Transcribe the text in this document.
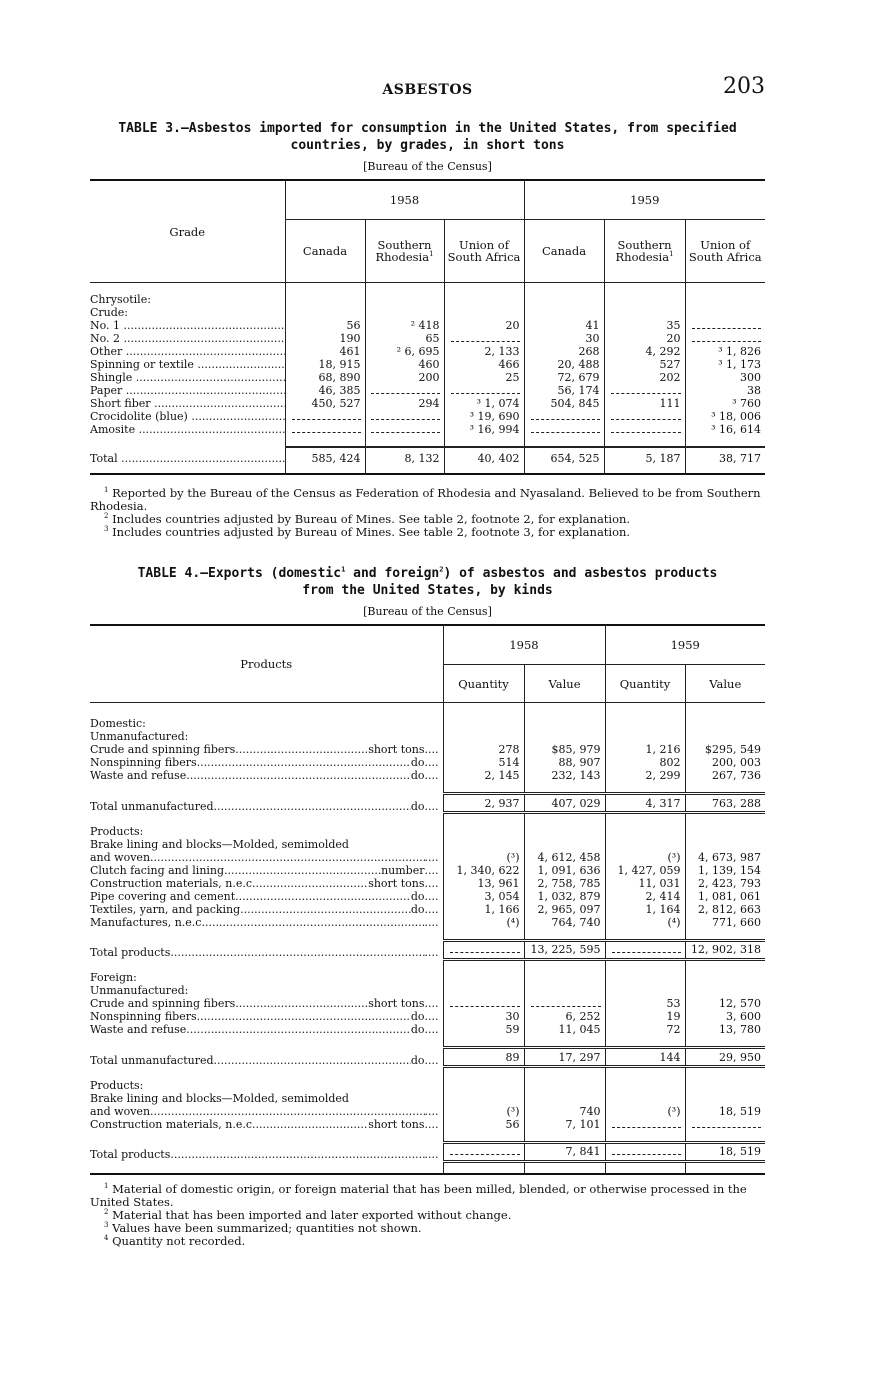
ASBESTOS	203
TABLE 3.—Asbestos imported for consumption in the United States, from specified
countries, by grades, in short tons
[Bureau of the Census]
Grade	1958			1959		
	Canada	Southern Rhodesia$^1$	Union of South Africa	Canada	Southern Rhodesia$^1$	Union of South Africa

Chrysotile:						
Crude:						
No. 1 .....	56	² 418	20	41	35	
No. 2 .....	190	65		30	20	
Other .....	461	² 6, 695	2, 133	268	4, 292	³ 1, 826
Spinning or textile .....	18, 915	460	466	20, 488	527	³ 1, 173
Shingle .....	68, 890	200	25	72, 679	202	300
Paper .....	46, 385			56, 174		38
Short fiber .....	450, 527	294	³ 1, 074	504, 845	111	³ 760
Crocidolite (blue) .....			³ 19, 690			³ 18, 006
Amosite .....			³ 16, 994			³ 16, 614

Total .....	585, 424	8, 132	40, 402	654, 525	5, 187	38, 717

$^1$ Reported by the Bureau of the Census as Federation of Rhodesia and Nyasaland. Believed to be from Southern Rhodesia.

$^2$ Includes countries adjusted by Bureau of Mines. See table 2, footnote 2, for explanation.

$^3$ Includes countries adjusted by Bureau of Mines. See table 2, footnote 3, for explanation.

TABLE 4.—Exports (domestic$^1$ and foreign$^2$) of asbestos and asbestos products
from the United States, by kinds
[Bureau of the Census]
Products	1958		1959	
	Quantity	Value	Quantity	Value

Domestic:				
Unmanufactured:				

Crude and spinning fibers ..... short tons
.....	278	$85, 979	1, 216	$295, 549

Nonspinning fibers ..... do
.....	514	88, 907	802	200, 003

Waste and refuse ..... do
.....	2, 145	232, 143	2, 299	267, 736

Total unmanufactured ..... do
.....	2, 937	407, 029	4, 317	763, 288

Products:				
Brake lining and blocks—Molded, semimolded				

and woven
.....
.....	(³)	4, 612, 458	(³)	4, 673, 987

Clutch facing and lining ..... number
.....	1, 340, 622	1, 091, 636	1, 427, 059	1, 139, 154

Construction materials, n.e.c ..... short tons
.....	13, 961	2, 758, 785	11, 031	2, 423, 793

Pipe covering and cement ..... do
.....	3, 054	1, 032, 879	2, 414	1, 081, 061

Textiles, yarn, and packing ..... do
.....	1, 166	2, 965, 097	1, 164	2, 812, 663

Manufactures, n.e.c
.....
.....	(⁴)	764, 740	(⁴)	771, 660

Total products
.....
.....		13, 225, 595		12, 902, 318

Foreign:				
Unmanufactured:				

Crude and spinning fibers ..... short tons
.....			53	12, 570

Nonspinning fibers ..... do
.....	30	6, 252	19	3, 600

Waste and refuse ..... do
.....	59	11, 045	72	13, 780

Total unmanufactured ..... do
.....	89	17, 297	144	29, 950

Products:				
Brake lining and blocks—Molded, semimolded				

and woven
.....
.....	(³)	740	(³)	18, 519

Construction materials, n.e.c ..... short tons
.....	56	7, 101		

Total products
.....
.....		7, 841		18, 519

$^1$ Material of domestic origin, or foreign material that has been milled, blended, or otherwise processed in the United States.

$^2$ Material that has been imported and later exported without change.

$^3$ Values have been summarized; quantities not shown.

$^4$ Quantity not recorded.
